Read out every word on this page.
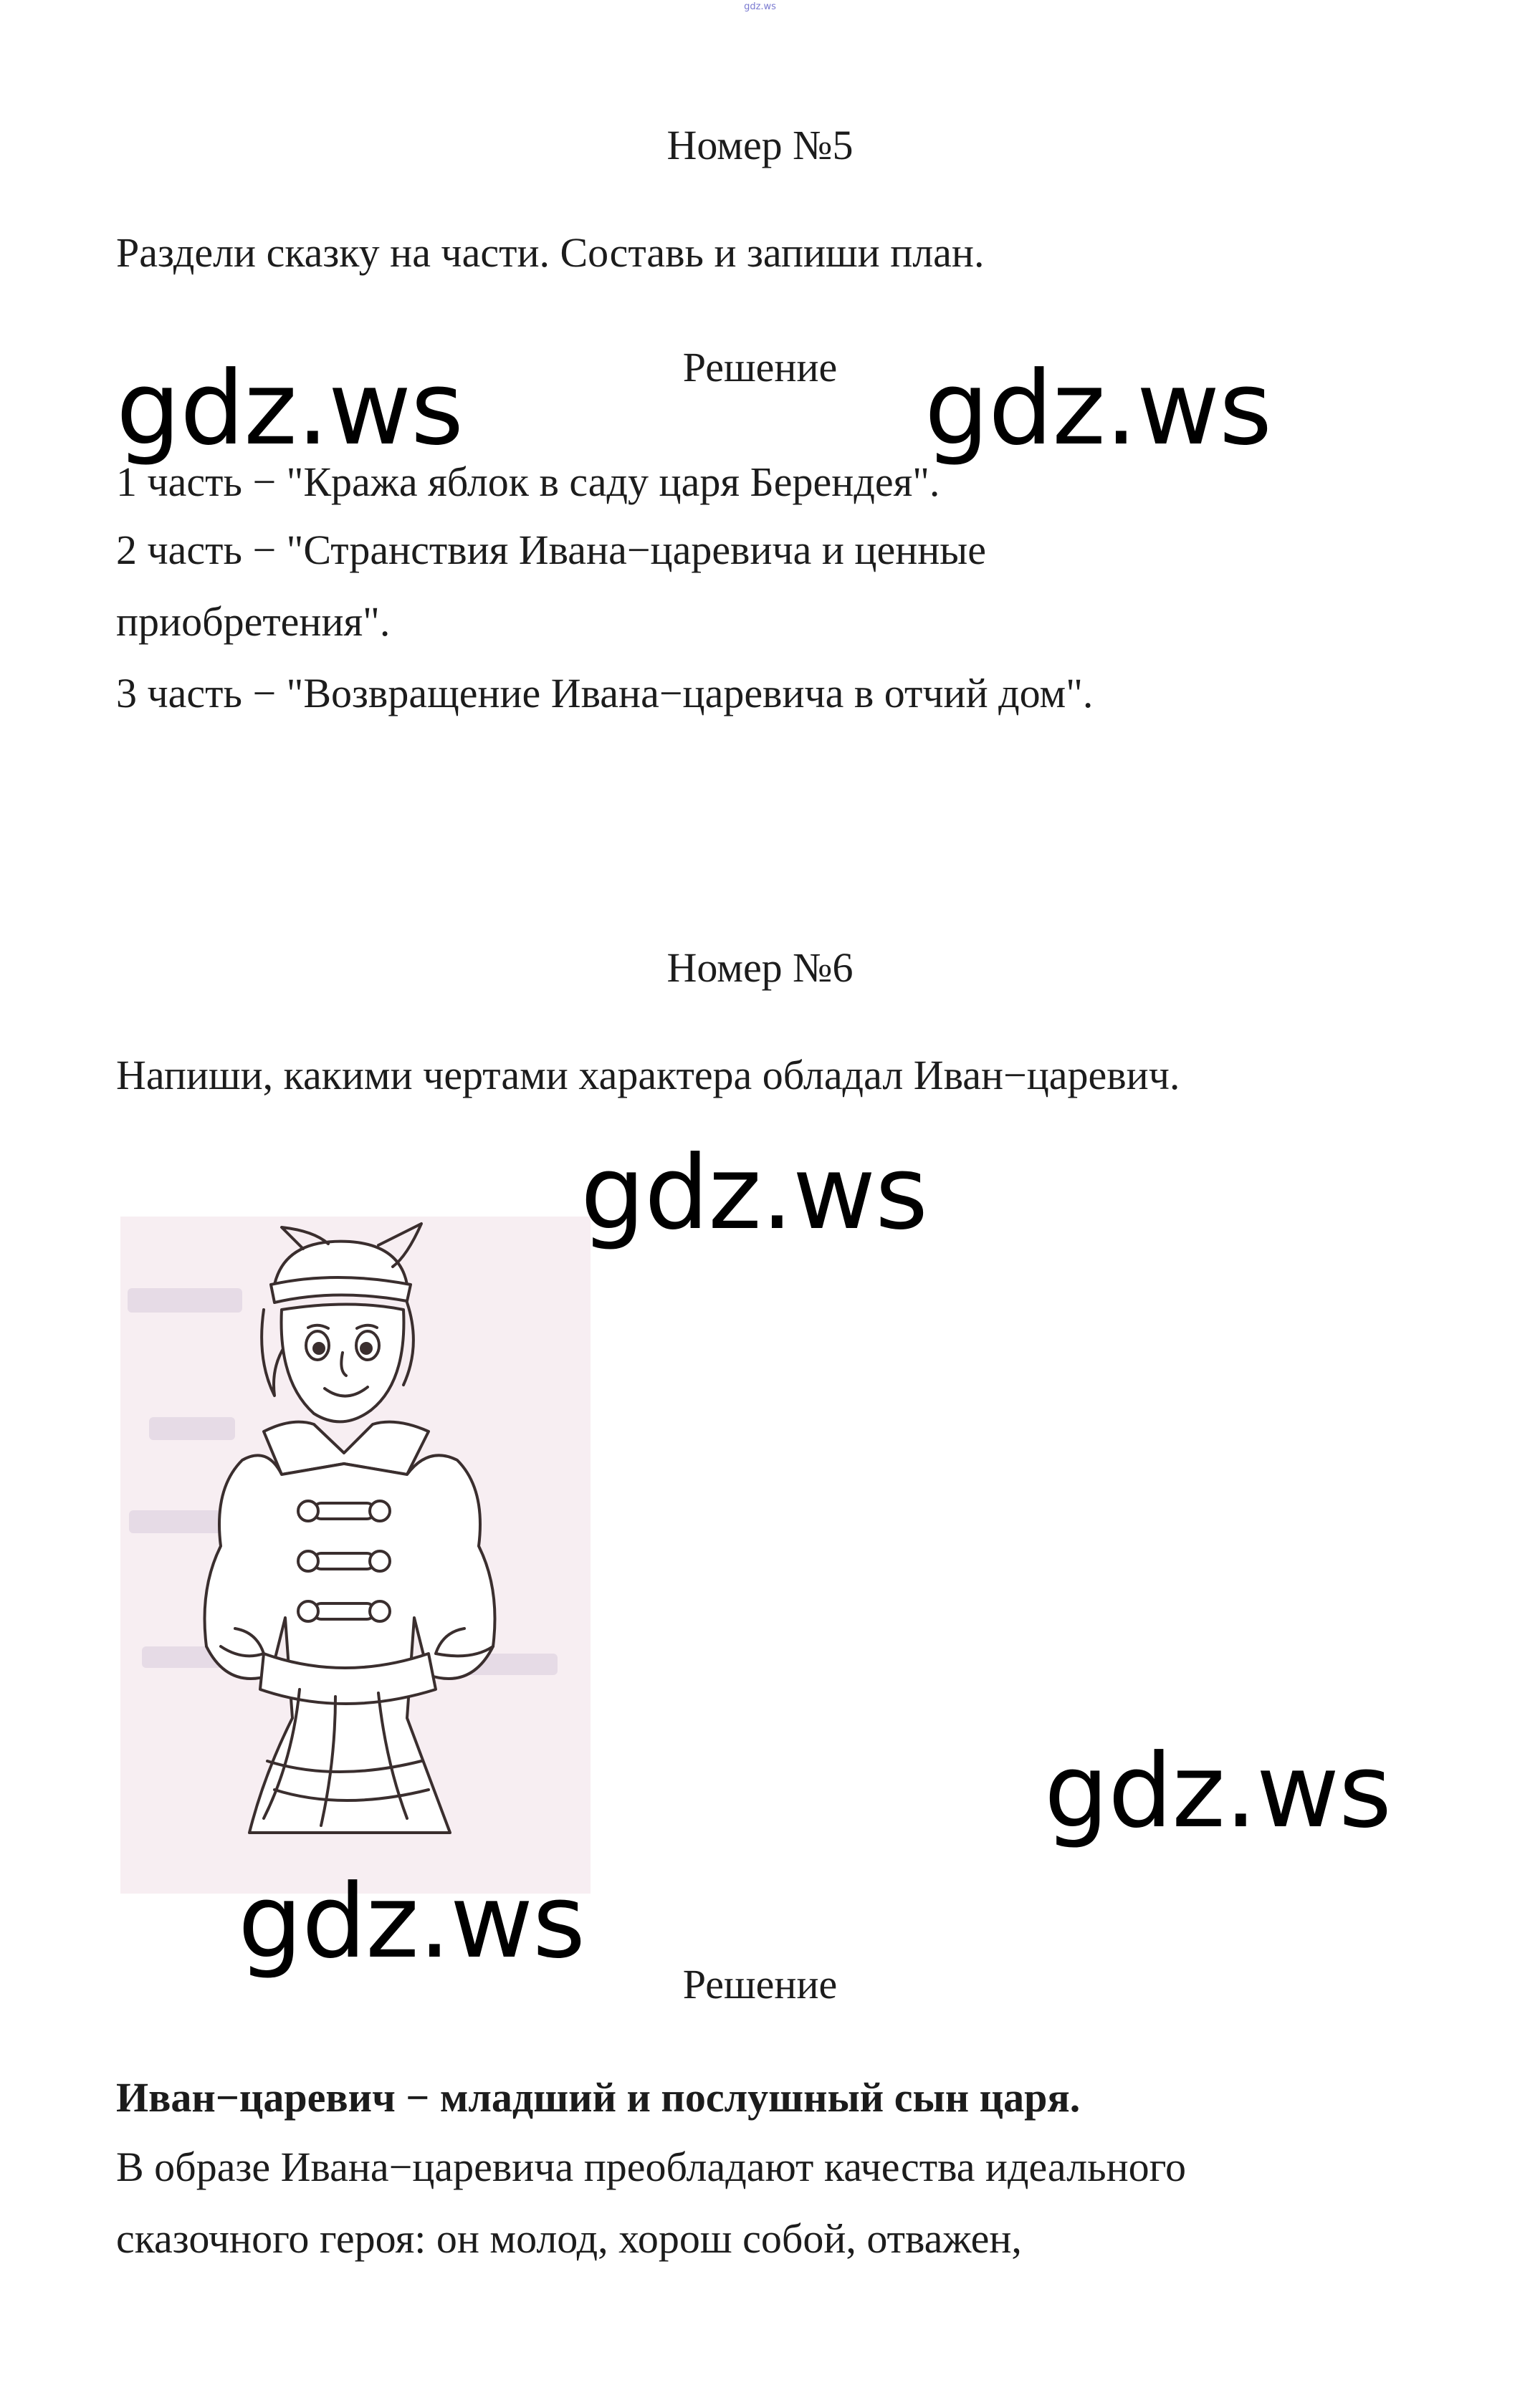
gdz.ws
Номер №5
Раздели сказку на части. Составь и запиши план.
Решение
1 часть − "Кража яблок в саду царя Берендея".
2 часть − "Странствия Ивана−царевича и ценные
приобретения".
3 часть − "Возвращение Ивана−царевича в отчий дом".
Номер №6
Напиши, какими чертами характера обладал Иван−царевич.
Решение
Иван−царевич − младший и послушный сын царя.
В образе Ивана−царевича преобладают качества идеального
сказочного героя: он молод, хорош собой, отважен,
gdz.ws	gdz.ws
gdz.ws
gdz.ws
gdz.ws
